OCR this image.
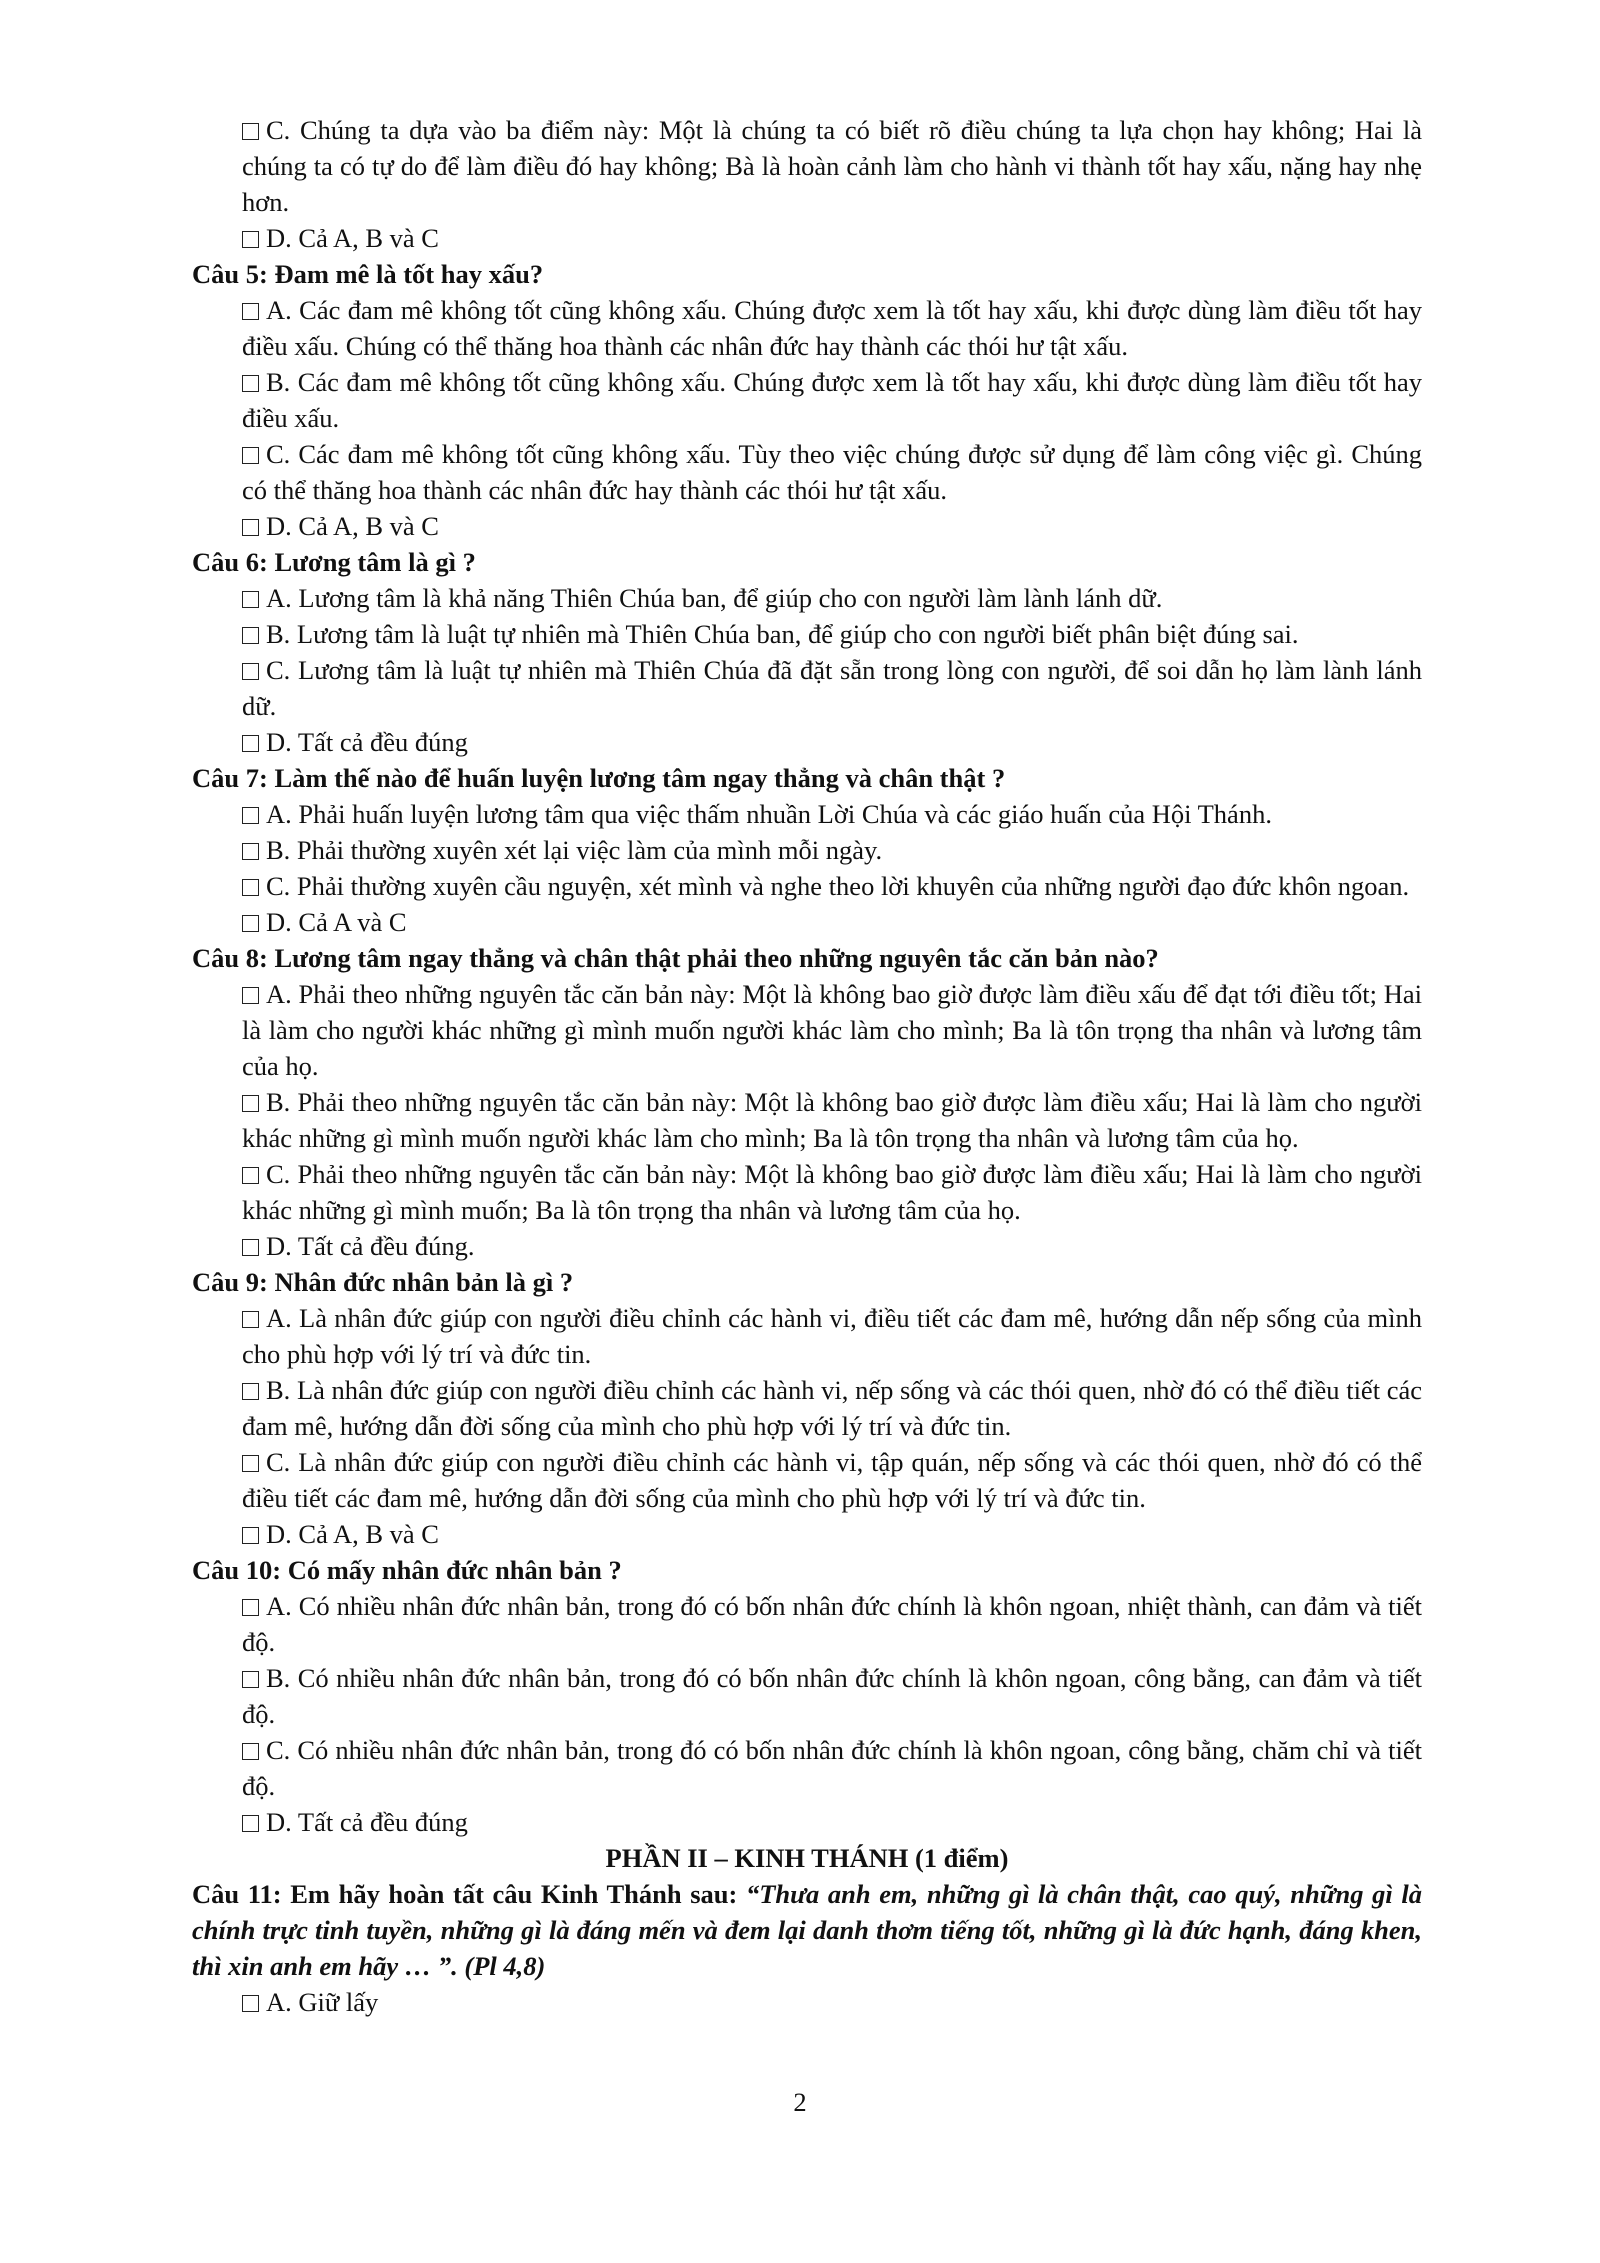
C. Chúng ta dựa vào ba điểm này: Một là chúng ta có biết rõ điều chúng ta lựa chọn hay không; Hai là chúng ta có tự do để làm điều đó hay không; Bà là hoàn cảnh làm cho hành vi thành tốt hay xấu, nặng hay nhẹ hơn.
D. Cả A, B và C
Câu 5: Đam mê là tốt hay xấu?
A. Các đam mê không tốt cũng không xấu. Chúng được xem là tốt hay xấu, khi được dùng làm điều tốt hay điều xấu. Chúng có thể thăng hoa thành các nhân đức hay thành các thói hư tật xấu.
B. Các đam mê không tốt cũng không xấu. Chúng được xem là tốt hay xấu, khi được dùng làm điều tốt hay điều xấu.
C. Các đam mê không tốt cũng không xấu. Tùy theo việc chúng được sử dụng để làm công việc gì. Chúng có thể thăng hoa thành các nhân đức hay thành các thói hư tật xấu.
D. Cả A, B và C
Câu 6: Lương tâm là gì ?
A. Lương tâm là khả năng Thiên Chúa ban, để giúp cho con người làm lành lánh dữ.
B. Lương tâm là luật tự nhiên mà Thiên Chúa ban, để giúp cho con người biết phân biệt đúng sai.
C. Lương tâm là luật tự nhiên mà Thiên Chúa đã đặt sẵn trong lòng con người, để soi dẫn họ làm lành lánh dữ.
D. Tất cả đều đúng
Câu 7: Làm thế nào để huấn luyện lương tâm ngay thẳng và chân thật ?
A. Phải huấn luyện lương tâm qua việc thấm nhuần Lời Chúa và các giáo huấn của Hội Thánh.
B. Phải thường xuyên xét lại việc làm của mình mỗi ngày.
C. Phải thường xuyên cầu nguyện, xét mình và nghe theo lời khuyên của những người đạo đức khôn ngoan.
D. Cả A và C
Câu 8: Lương tâm ngay thẳng và chân thật phải theo những nguyên tắc căn bản nào?
A. Phải theo những nguyên tắc căn bản này: Một là không bao giờ được làm điều xấu để đạt tới điều tốt; Hai là làm cho người khác những gì mình muốn người khác làm cho mình; Ba là tôn trọng tha nhân và lương tâm của họ.
B. Phải theo những nguyên tắc căn bản này: Một là không bao giờ được làm điều xấu; Hai là làm cho người khác những gì mình muốn người khác làm cho mình; Ba là tôn trọng tha nhân và lương tâm của họ.
C. Phải theo những nguyên tắc căn bản này: Một là không bao giờ được làm điều xấu; Hai là làm cho người khác những gì mình muốn; Ba là tôn trọng tha nhân và lương tâm của họ.
D. Tất cả đều đúng.
Câu 9: Nhân đức nhân bản là gì ?
A. Là nhân đức giúp con người điều chỉnh các hành vi, điều tiết các đam mê, hướng dẫn nếp sống của mình cho phù hợp với lý trí và đức tin.
B. Là nhân đức giúp con người điều chỉnh các hành vi, nếp sống và các thói quen, nhờ đó có thể điều tiết các đam mê, hướng dẫn đời sống của mình cho phù hợp với lý trí và đức tin.
C. Là nhân đức giúp con người điều chỉnh các hành vi, tập quán, nếp sống và các thói quen, nhờ đó có thể điều tiết các đam mê, hướng dẫn đời sống của mình cho phù hợp với lý trí và đức tin.
D. Cả A, B và C
Câu 10: Có mấy nhân đức nhân bản ?
A. Có nhiều nhân đức nhân bản, trong đó có bốn nhân đức chính là khôn ngoan, nhiệt thành, can đảm và tiết độ.
B. Có nhiều nhân đức nhân bản, trong đó có bốn nhân đức chính là khôn ngoan, công bằng, can đảm và tiết độ.
C. Có nhiều nhân đức nhân bản, trong đó có bốn nhân đức chính là khôn ngoan, công bằng, chăm chỉ và tiết độ.
D. Tất cả đều đúng
PHẦN II – KINH THÁNH (1 điểm)
Câu 11: Em hãy hoàn tất câu Kinh Thánh sau: “Thưa anh em, những gì là chân thật, cao quý, những gì là chính trực tinh tuyền, những gì là đáng mến và đem lại danh thơm tiếng tốt, những gì là đức hạnh, đáng khen, thì xin anh em hãy … ”. (Pl 4,8)
A. Giữ lấy
2
